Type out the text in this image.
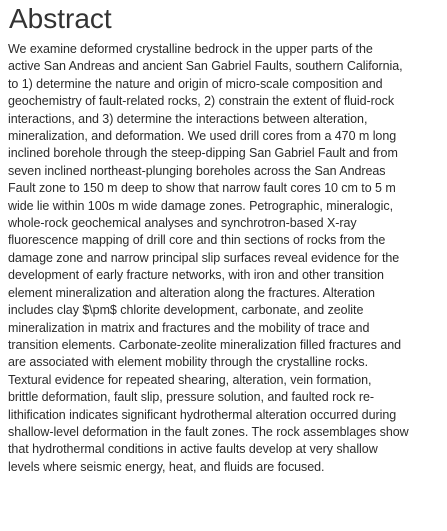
Abstract
We examine deformed crystalline bedrock in the upper parts of the
active San Andreas and ancient San Gabriel Faults, southern California,
to 1) determine the nature and origin of micro-scale composition and
geochemistry of fault-related rocks, 2) constrain the extent of fluid-rock
interactions, and 3) determine the interactions between alteration,
mineralization, and deformation. We used drill cores from a 470 m long
inclined borehole through the steep-dipping San Gabriel Fault and from
seven inclined northeast-plunging boreholes across the San Andreas
Fault zone to 150 m deep to show that narrow fault cores 10 cm to 5 m
wide lie within 100s m wide damage zones. Petrographic, mineralogic,
whole-rock geochemical analyses and synchrotron-based X-ray
fluorescence mapping of drill core and thin sections of rocks from the
damage zone and narrow principal slip surfaces reveal evidence for the
development of early fracture networks, with iron and other transition
element mineralization and alteration along the fractures. Alteration
includes clay $\pm$ chlorite development, carbonate, and zeolite
mineralization in matrix and fractures and the mobility of trace and
transition elements. Carbonate-zeolite mineralization filled fractures and
are associated with element mobility through the crystalline rocks.
Textural evidence for repeated shearing, alteration, vein formation,
brittle deformation, fault slip, pressure solution, and faulted rock re-
lithification indicates significant hydrothermal alteration occurred during
shallow-level deformation in the fault zones. The rock assemblages show
that hydrothermal conditions in active faults develop at very shallow
levels where seismic energy, heat, and fluids are focused.
